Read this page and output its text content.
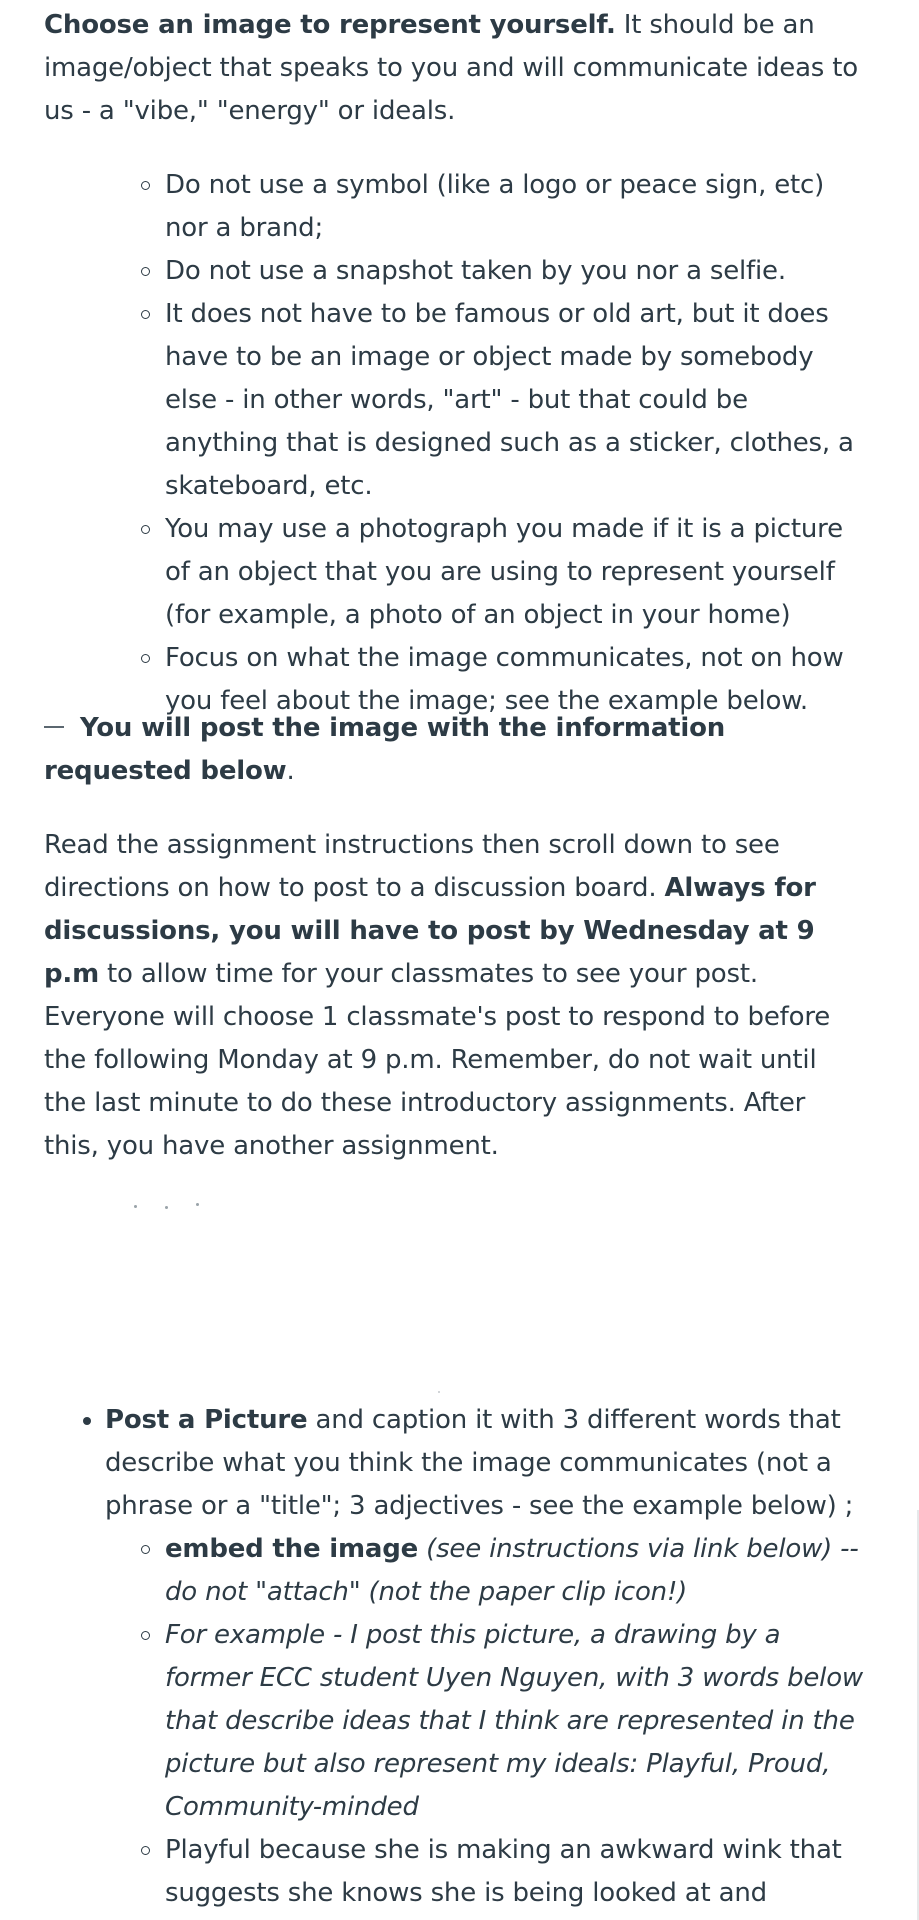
Choose an image to represent yourself. It should be an image/object that speaks to you and will communicate ideas to us - a "vibe," "energy" or ideals.

Do not use a symbol (like a logo or peace sign, etc) nor a brand;
Do not use a snapshot taken by you nor a selfie.
It does not have to be famous or old art, but it does have to be an image or object made by somebody else - in other words, "art" - but that could be anything that is designed such as a sticker, clothes, a skateboard, etc.
You may use a photograph you made if it is a picture of an object that you are using to represent yourself (for example, a photo of an object in your home)
Focus on what the image communicates, not on how you feel about the image; see the example below.

You will post the image with the information requested below.

Read the assignment instructions then scroll down to see directions on how to post to a discussion board. Always for discussions, you will have to post by Wednesday at 9 p.m to allow time for your classmates to see your post. Everyone will choose 1 classmate's post to respond to before the following Monday at 9 p.m. Remember, do not wait until the last minute to do these introductory assignments. After this, you have another assignment.

Post a Picture and caption it with 3 different words that describe what you think the image communicates (not a phrase or a "title"; 3 adjectives - see the example below) ;
embed the image (see instructions via link below) -- do not "attach" (not the paper clip icon!)
For example - I post this picture, a drawing by a former ECC student Uyen Nguyen, with 3 words below that describe ideas that I think are represented in the picture but also represent my ideals: Playful, Proud, Community-minded
Playful because she is making an awkward wink that suggests she knows she is being looked at and
